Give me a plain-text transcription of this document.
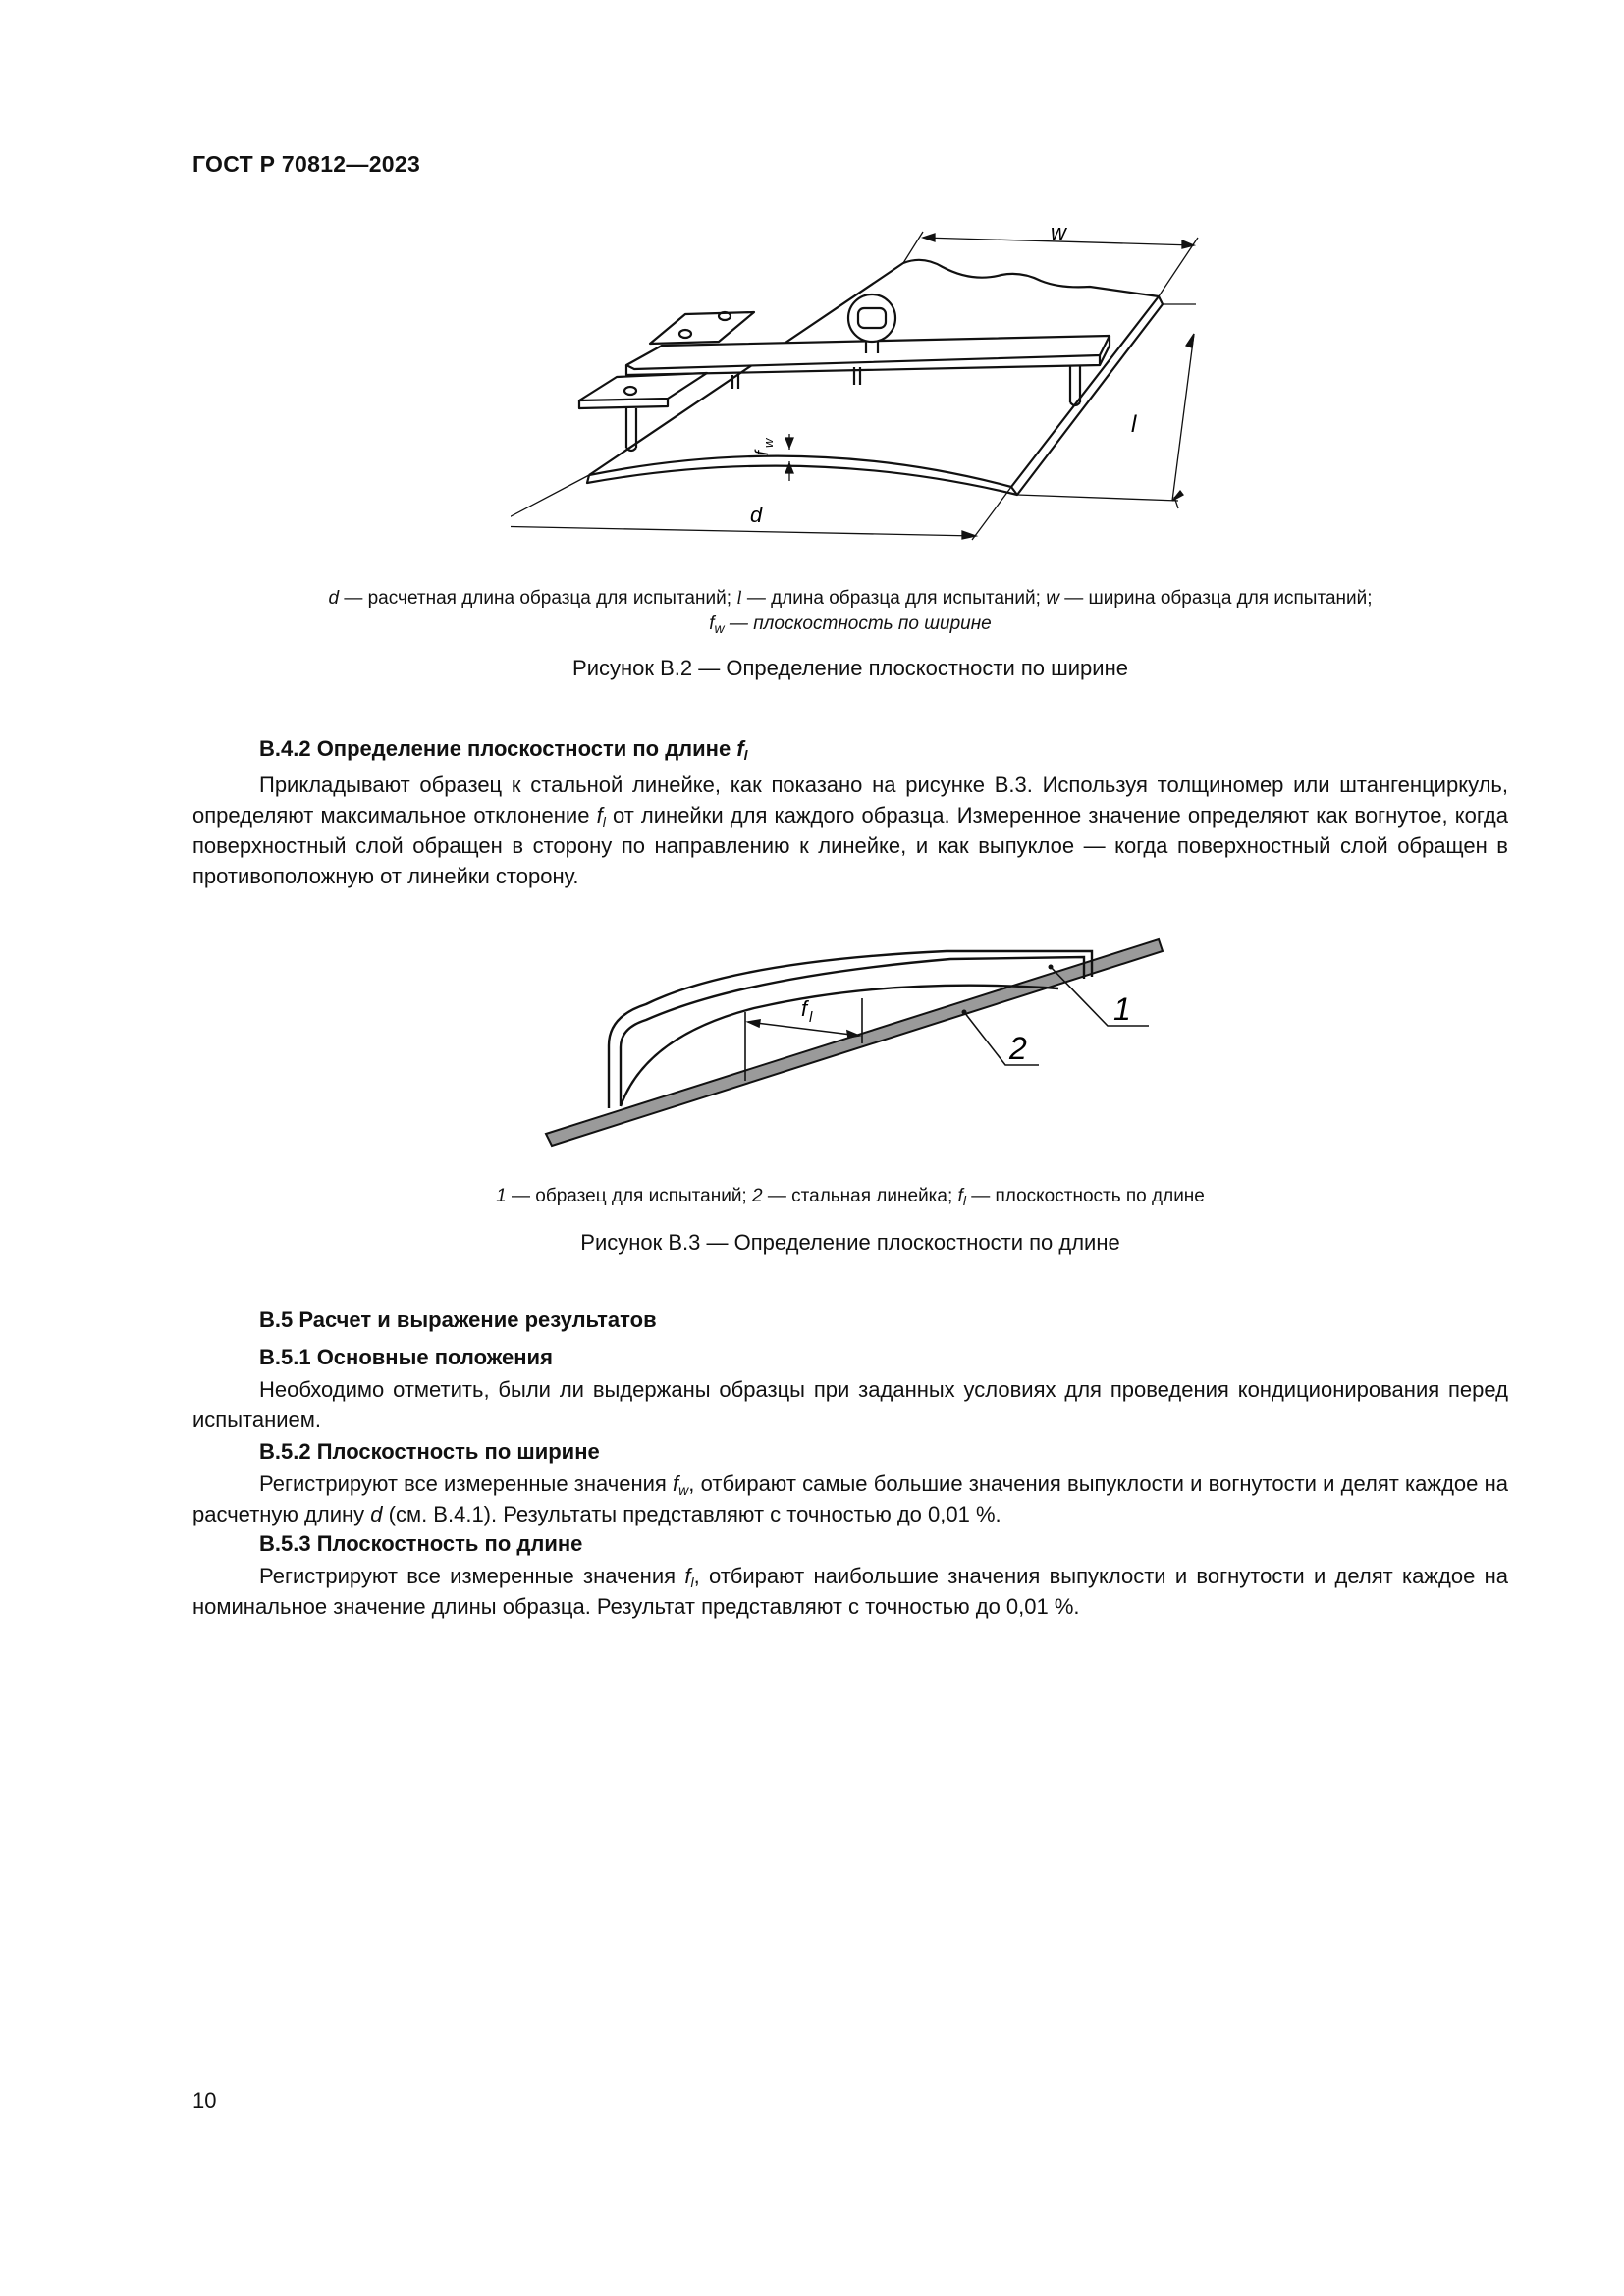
ГОСТ Р 70812—2023
w
l
d
f
w
d — расчетная длина образца для испытаний; l — длина образца для испытаний; w — ширина образца для испытаний;
$f_w$ — плоскостность по ширине
Рисунок В.2 — Определение плоскостности по ширине
В.4.2 Определение плоскостности по длине $f_l$
Прикладывают образец к стальной линейке, как показано на рисунке В.3. Используя толщиномер или штангенциркуль, определяют максимальное отклонение $f_l$ от линейки для каждого образца. Измеренное значение определяют как вогнутое, когда поверхностный слой обращен в сторону по направлению к линейке, и как выпуклое — когда поверхностный слой обращен в противоположную от линейки сторону.
1
2
f l
1 — образец для испытаний; 2 — стальная линейка; $f_l$ — плоскостность по длине
Рисунок В.3 — Определение плоскостности по длине
В.5 Расчет и выражение результатов
В.5.1 Основные положения
Необходимо отметить, были ли выдержаны образцы при заданных условиях для проведения кондиционирования перед испытанием.
В.5.2 Плоскостность по ширине
Регистрируют все измеренные значения $f_w$, отбирают самые большие значения выпуклости и вогнутости и делят каждое на расчетную длину d (см. В.4.1). Результаты представляют с точностью до 0,01 %.
В.5.3 Плоскостность по длине
Регистрируют все измеренные значения $f_l$, отбирают наибольшие значения выпуклости и вогнутости и делят каждое на номинальное значение длины образца. Результат представляют с точностью до 0,01 %.
10
